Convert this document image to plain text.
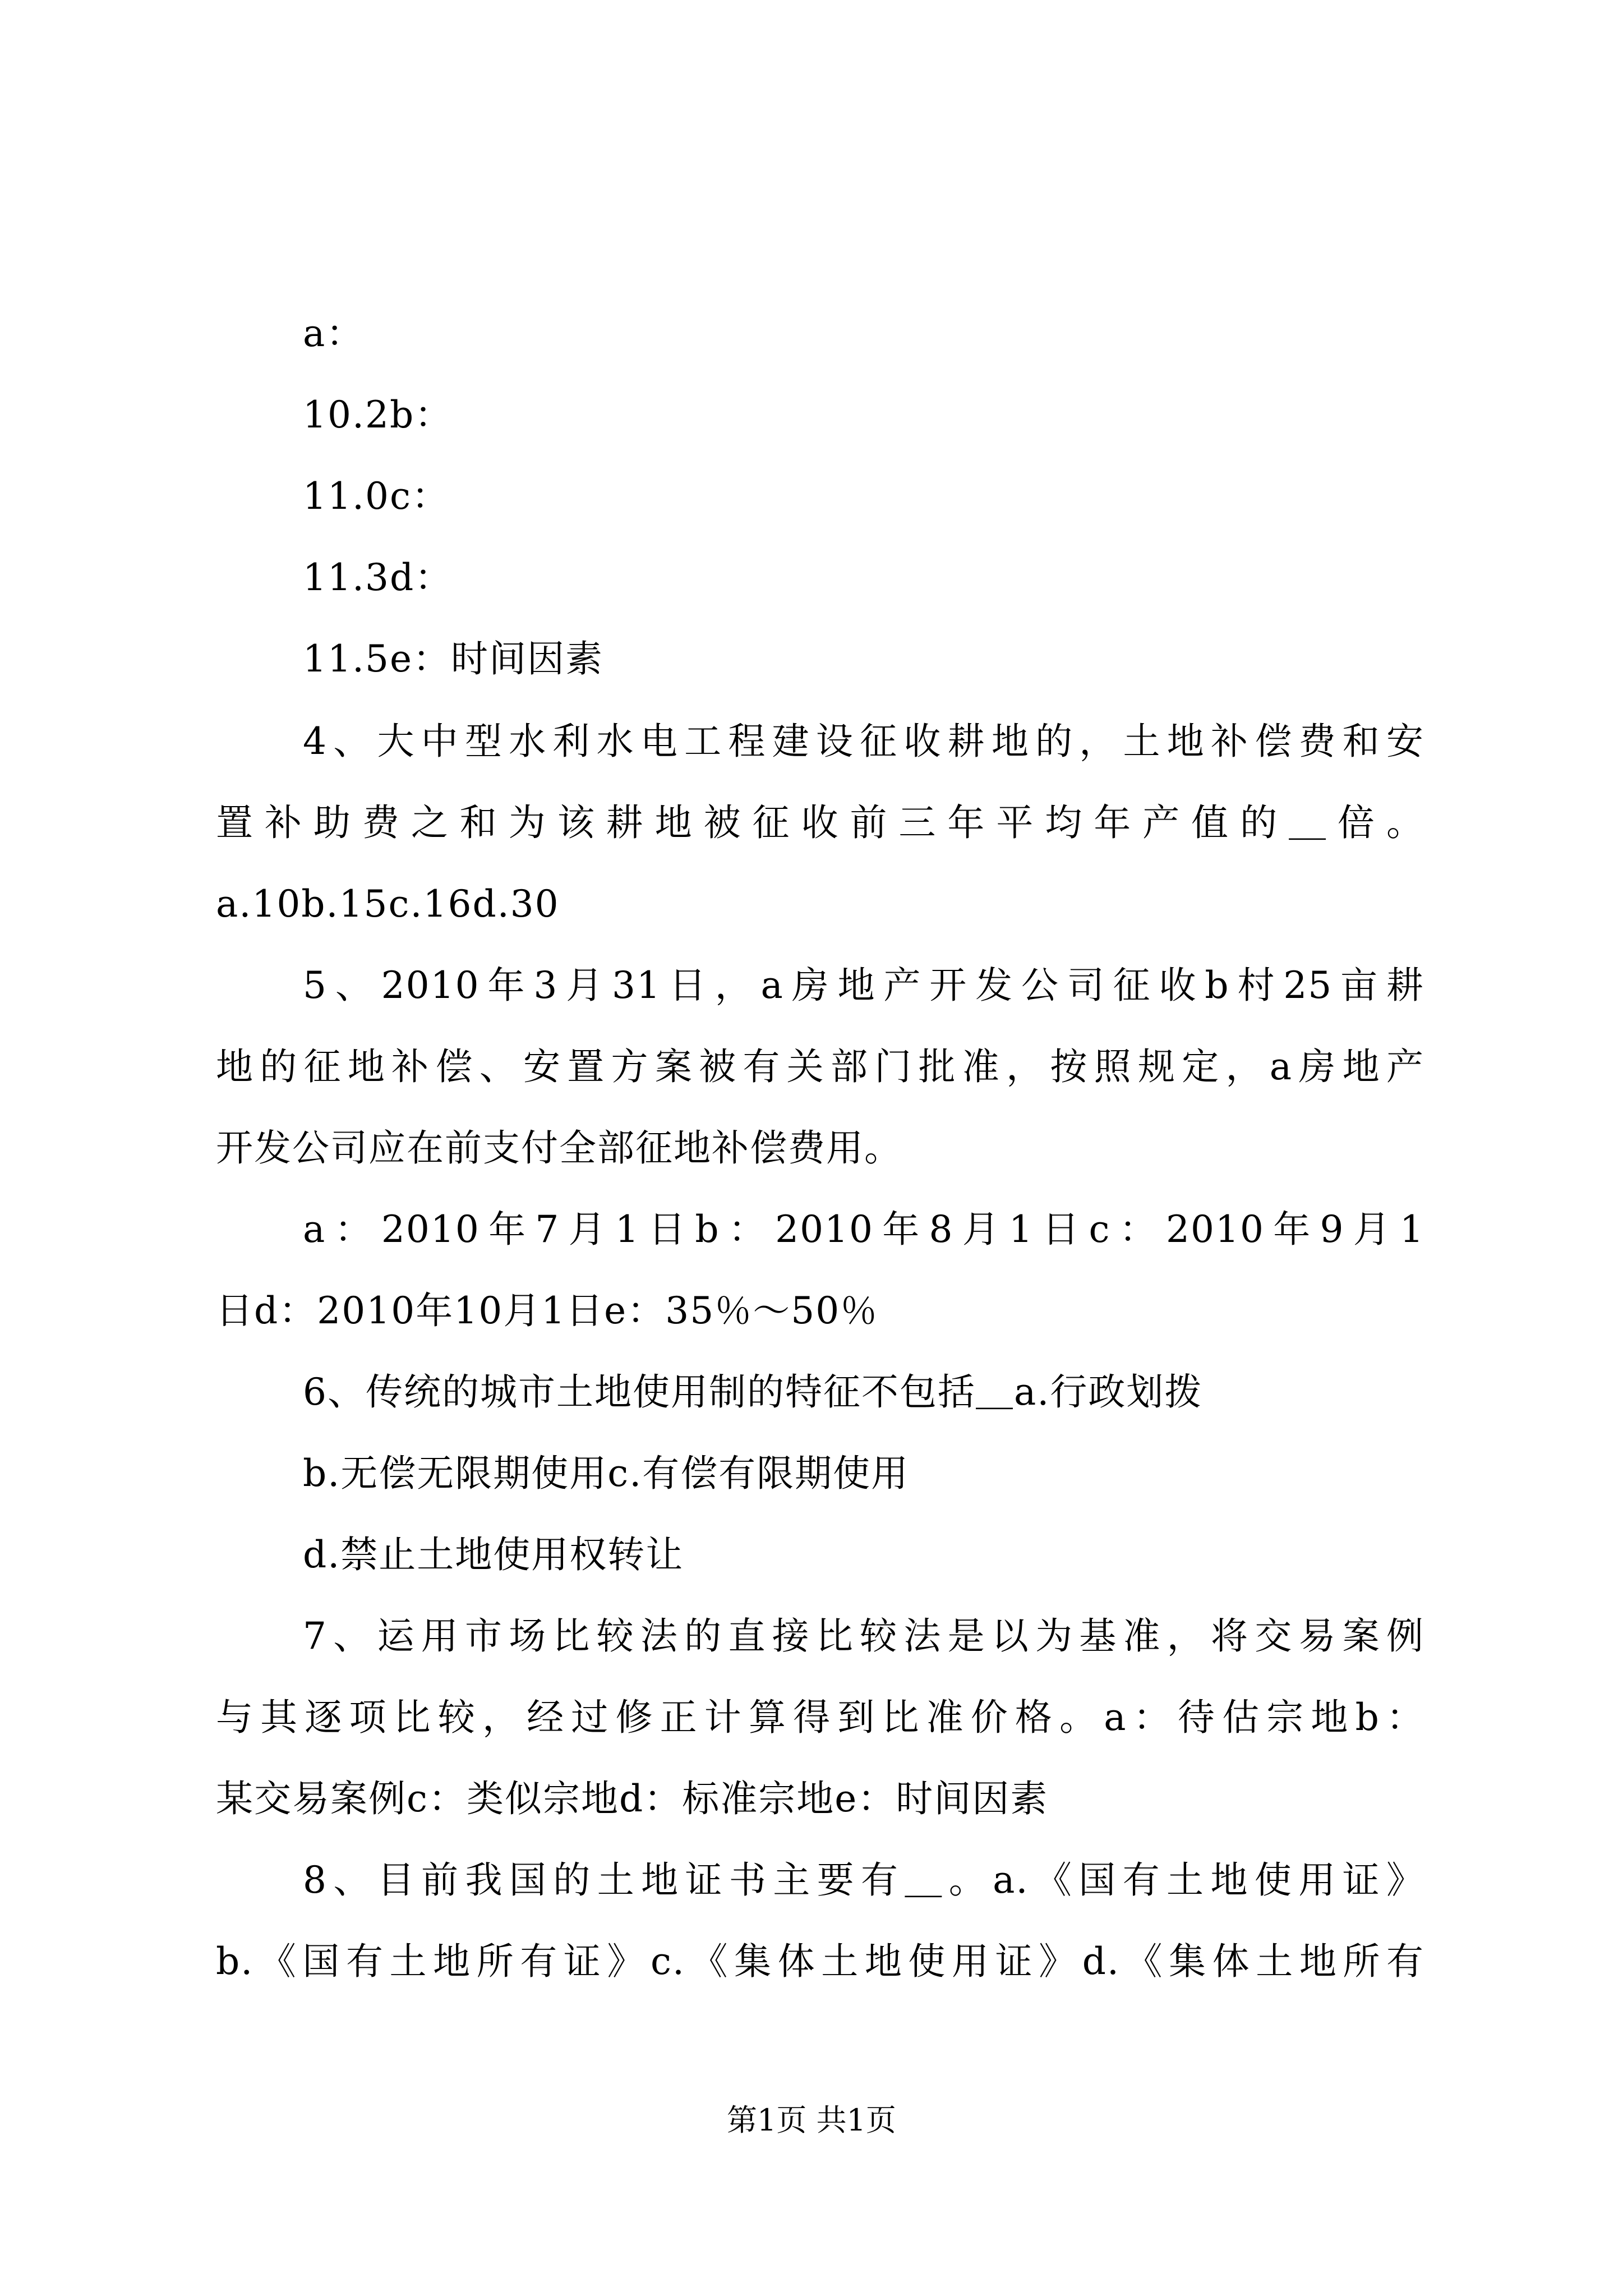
a：
10.2b：
11.0c：
11.3d：
11.5e：时间因素
4、大中型水利水电工程建设征收耕地的，土地补偿费和安
置补助费之和为该耕地被征收前三年平均年产值的＿倍。
a.10b.15c.16d.30
5、2010年3月31日，a房地产开发公司征收b村25亩耕
地的征地补偿、安置方案被有关部门批准，按照规定，a房地产
开发公司应在前支付全部征地补偿费用。
a：2010年7月1日b：2010年8月1日c：2010年9月1
日d：2010年10月1日e：35％～50％
6、传统的城市土地使用制的特征不包括＿a.行政划拨
b.无偿无限期使用c.有偿有限期使用
d.禁止土地使用权转让
7、运用市场比较法的直接比较法是以为基准，将交易案例
与其逐项比较，经过修正计算得到比准价格。a：待估宗地b：
某交易案例c：类似宗地d：标准宗地e：时间因素
8、目前我国的土地证书主要有＿。a.《国有土地使用证》
b.《国有土地所有证》c.《集体土地使用证》d.《集体土地所有
第1页 共1页
